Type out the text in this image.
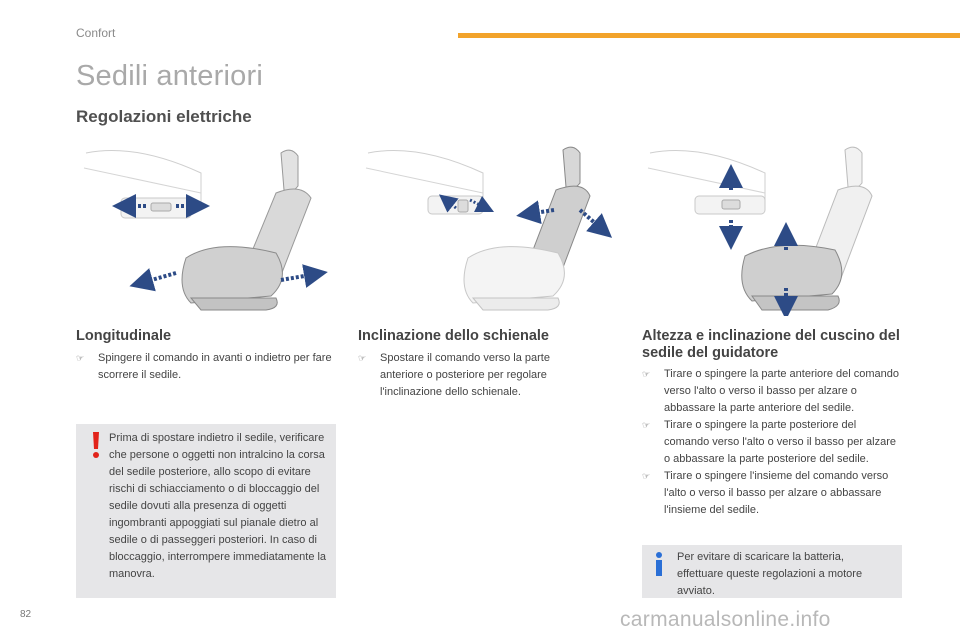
Confort
Sedili anteriori
Regolazioni elettriche
Longitudinale
☞ Spingere il comando in avanti o indietro per fare scorrere il sedile.
Inclinazione dello schienale
☞ Spostare il comando verso la parte anteriore o posteriore per regolare l'inclinazione dello schienale.
Altezza e inclinazione del cuscino del sedile del guidatore
☞ Tirare o spingere la parte anteriore del comando verso l'alto o verso il basso per alzare o abbassare la parte anteriore del sedile.
☞ Tirare o spingere la parte posteriore del comando verso l'alto o verso il basso per alzare o abbassare la parte posteriore del sedile.
☞ Tirare o spingere l'insieme del comando verso l'alto o verso il basso per alzare o abbassare l'insieme del sedile.
Prima di spostare indietro il sedile, verificare che persone o oggetti non intralcino la corsa del sedile posteriore, allo scopo di evitare rischi di schiacciamento o di bloccaggio del sedile dovuti alla presenza di oggetti ingombranti appoggiati sul pianale dietro al sedile o di passeggeri posteriori. In caso di bloccaggio, interrompere immediatamente la manovra.
Per evitare di scaricare la batteria, effettuare queste regolazioni a motore avviato.
82	carmanualsonline.info
